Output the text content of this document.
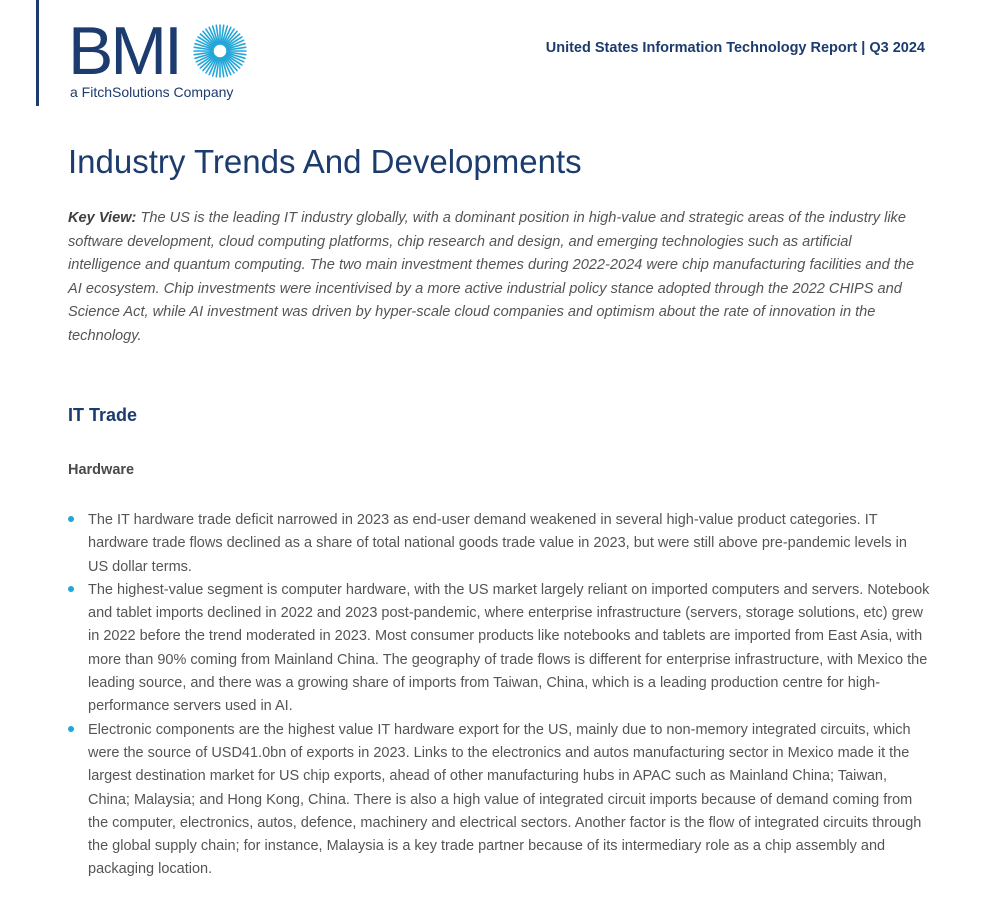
BMI
a FitchSolutions Company
United States Information Technology Report | Q3 2024
Industry Trends And Developments

Key View: The US is the leading IT industry globally, with a dominant position in high-value and strategic areas of the industry like software development, cloud computing platforms, chip research and design, and emerging technologies such as artificial intelligence and quantum computing. The two main investment themes during 2022-2024 were chip manufacturing facilities and the AI ecosystem. Chip investments were incentivised by a more active industrial policy stance adopted through the 2022 CHIPS and Science Act, while AI investment was driven by hyper-scale cloud companies and optimism about the rate of innovation in the technology.

IT Trade
Hardware
The IT hardware trade deficit narrowed in 2023 as end-user demand weakened in several high-value product categories. IT hardware trade flows declined as a share of total national goods trade value in 2023, but were still above pre-pandemic levels in US dollar terms.
The highest-value segment is computer hardware, with the US market largely reliant on imported computers and servers. Notebook and tablet imports declined in 2022 and 2023 post-pandemic, where enterprise infrastructure (servers, storage solutions, etc) grew in 2022 before the trend moderated in 2023. Most consumer products like notebooks and tablets are imported from East Asia, with more than 90% coming from Mainland China. The geography of trade flows is different for enterprise infrastructure, with Mexico the leading source, and there was a growing share of imports from Taiwan, China, which is a leading production centre for high-performance servers used in AI.
Electronic components are the highest value IT hardware export for the US, mainly due to non-memory integrated circuits, which were the source of USD41.0bn of exports in 2023. Links to the electronics and autos manufacturing sector in Mexico made it the largest destination market for US chip exports, ahead of other manufacturing hubs in APAC such as Mainland China; Taiwan, China; Malaysia; and Hong Kong, China. There is also a high value of integrated circuit imports because of demand coming from the computer, electronics, autos, defence, machinery and electrical sectors. Another factor is the flow of integrated circuits through the global supply chain; for instance, Malaysia is a key trade partner because of its intermediary role as a chip assembly and packaging location.
